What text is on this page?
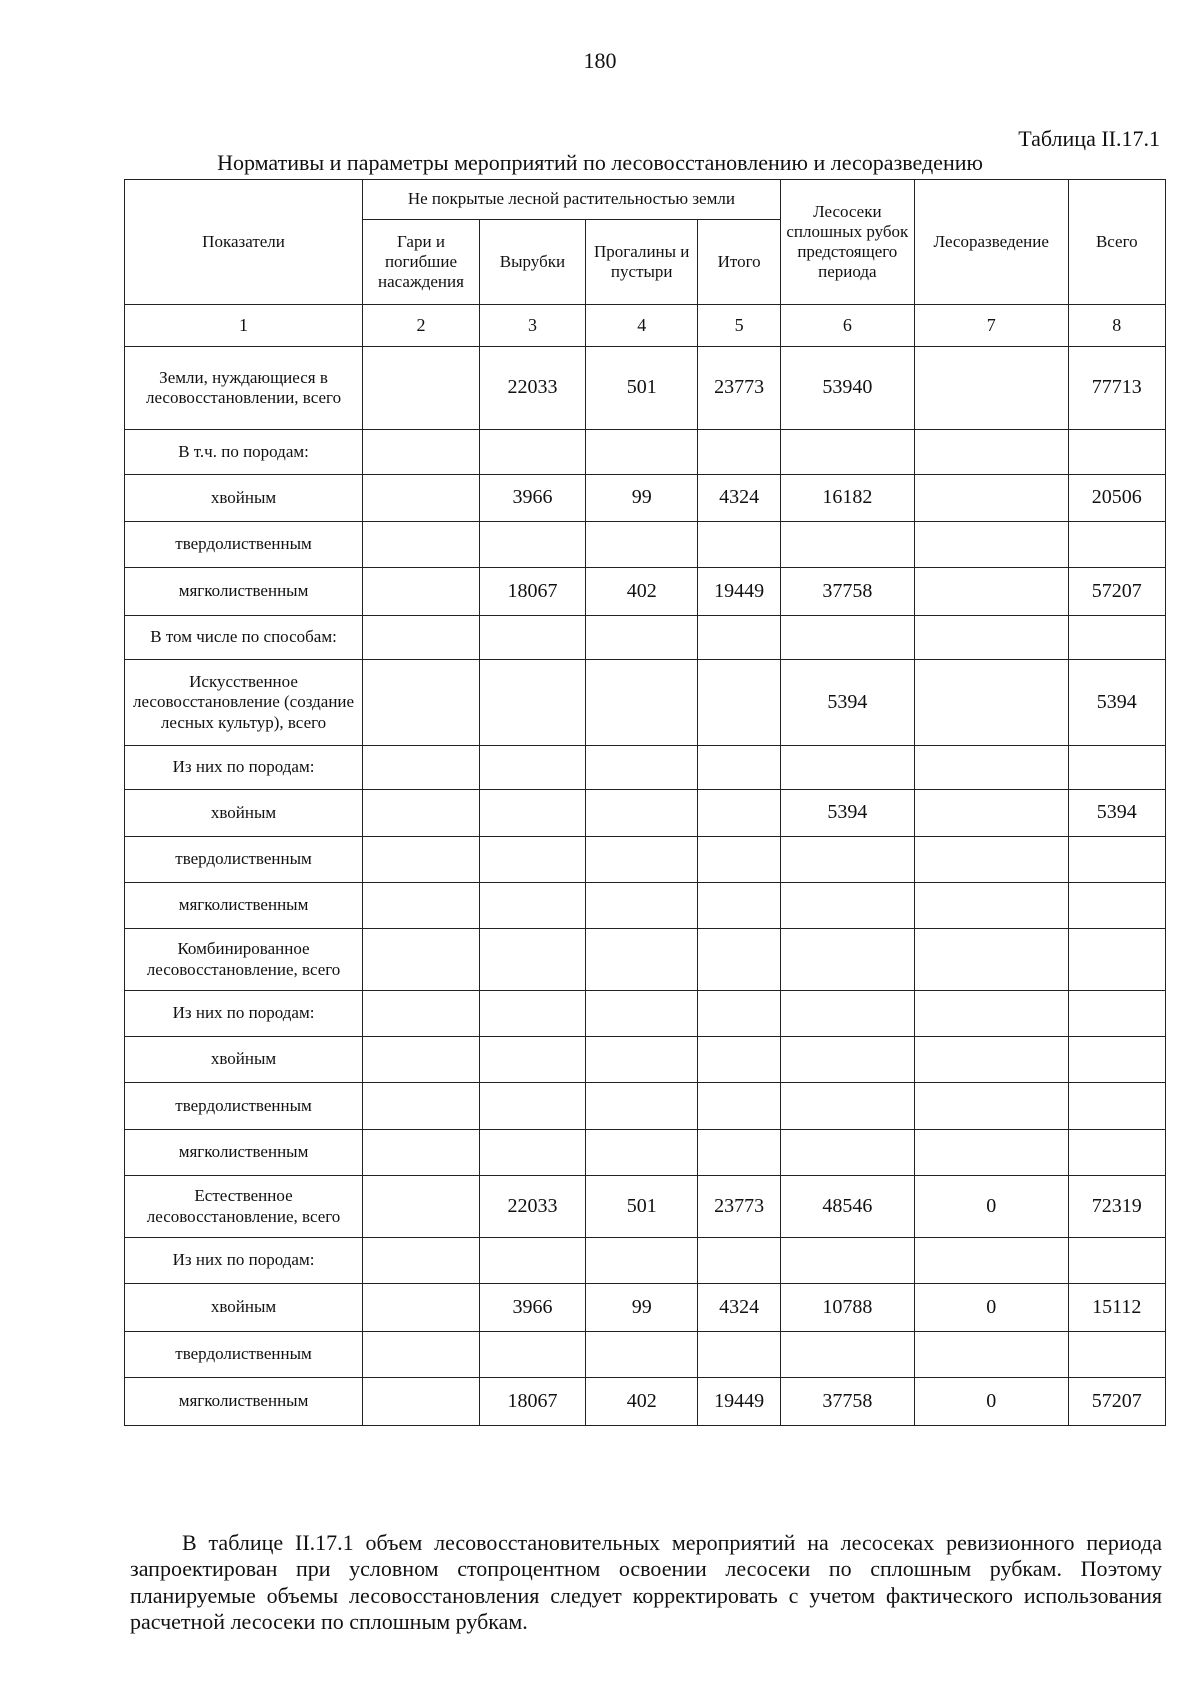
180
Таблица II.17.1
Нормативы и параметры мероприятий по лесовосстановлению и лесоразведению
Показатели	Не покрытые лесной растительностью земли				Лесосеки сплошных рубок предстоящего периода	Лесоразведение	Всего
	Гари и погибшие насаждения	Вырубки	Прогалины и пустыри	Итого			
1	2	3	4	5	6	7	8
Земли, нуждающиеся в лесовосстановлении, всего		22033	501	23773	53940		77713
В т.ч. по породам:							
хвойным		3966	99	4324	16182		20506
твердолиственным							
мягколиственным		18067	402	19449	37758		57207
В том числе по способам:							
Искусственное лесовосстановление (создание лесных культур), всего					5394		5394
Из них по породам:							
хвойным					5394		5394
твердолиственным							
мягколиственным							
Комбинированное лесовосстановление, всего							
Из них по породам:							
хвойным							
твердолиственным							
мягколиственным							
Естественное лесовосстановление, всего		22033	501	23773	48546	0	72319
Из них по породам:							
хвойным		3966	99	4324	10788	0	15112
твердолиственным							
мягколиственным		18067	402	19449	37758	0	57207

В таблице II.17.1 объем лесовосстановительных мероприятий на лесосеках ревизионного периода запроектирован при условном стопроцентном освоении лесосеки по сплошным рубкам. Поэтому планируемые объемы лесовосстановления следует корректировать с учетом фактического использования расчетной лесосеки по сплошным рубкам.
